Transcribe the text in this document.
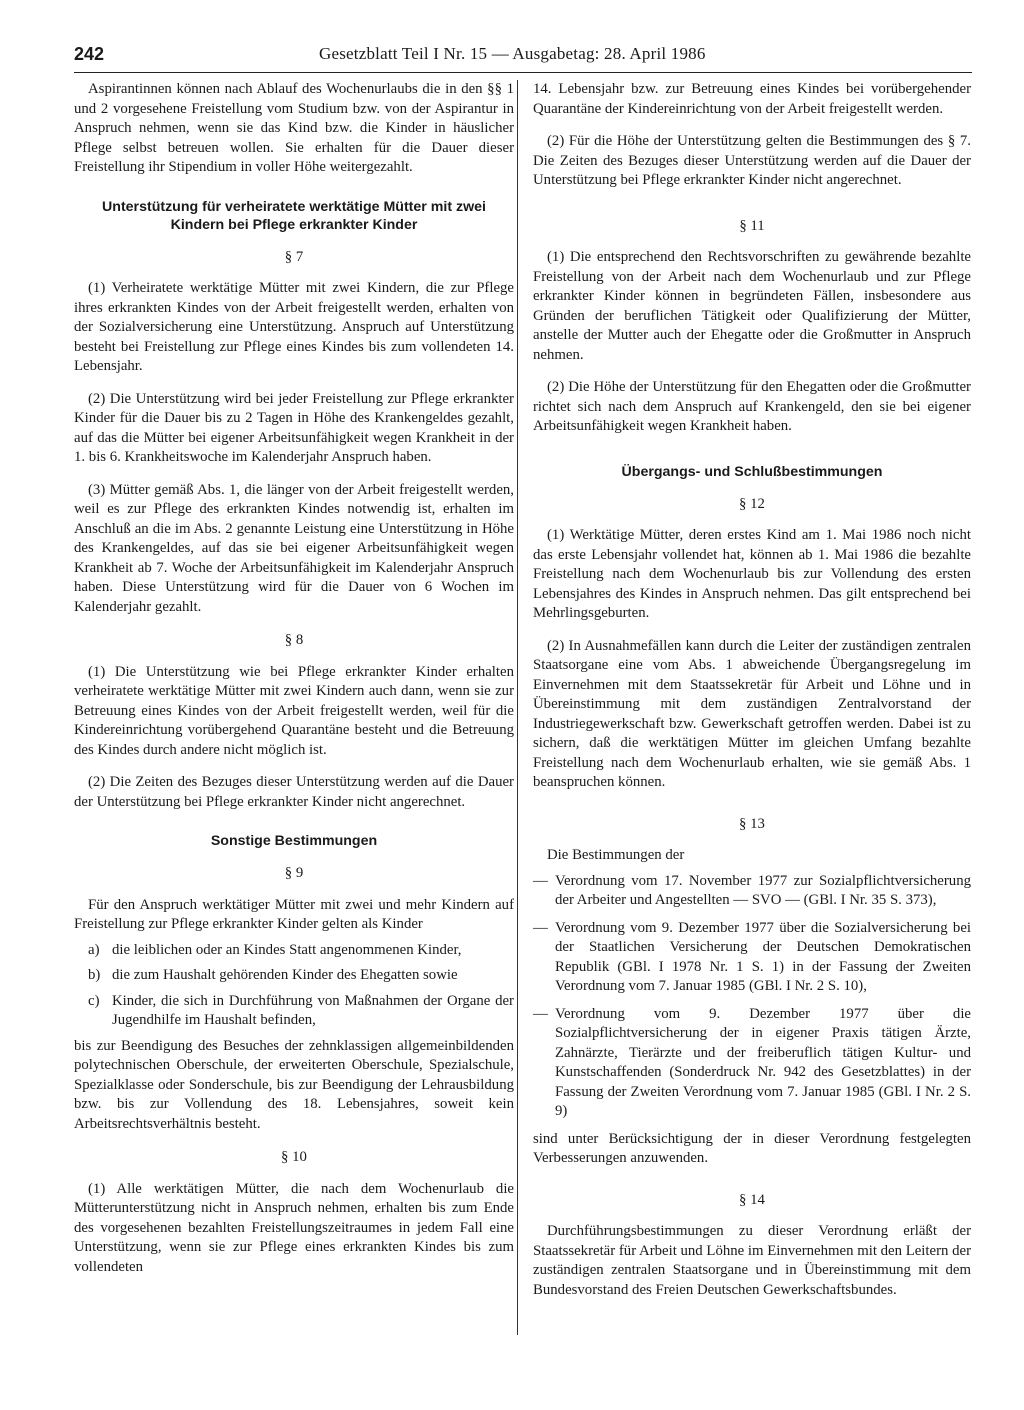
242	Gesetzblatt Teil I Nr. 15 — Ausgabetag: 28. April 1986

Aspirantinnen können nach Ablauf des Wochenurlaubs die in den §§ 1 und 2 vorgesehene Freistellung vom Studium bzw. von der Aspirantur in Anspruch nehmen, wenn sie das Kind bzw. die Kinder in häuslicher Pflege selbst betreuen wollen. Sie erhalten für die Dauer dieser Freistellung ihr Stipendium in voller Höhe weitergezahlt.

Unterstützung für verheiratete werktätige Mütter mit zwei Kindern bei Pflege erkrankter Kinder
§ 7

(1) Verheiratete werktätige Mütter mit zwei Kindern, die zur Pflege ihres erkrankten Kindes von der Arbeit freigestellt werden, erhalten von der Sozialversicherung eine Unterstützung. Anspruch auf Unterstützung besteht bei Freistellung zur Pflege eines Kindes bis zum vollendeten 14. Lebensjahr.

(2) Die Unterstützung wird bei jeder Freistellung zur Pflege erkrankter Kinder für die Dauer bis zu 2 Tagen in Höhe des Krankengeldes gezahlt, auf das die Mütter bei eigener Arbeitsunfähigkeit wegen Krankheit in der 1. bis 6. Krankheitswoche im Kalenderjahr Anspruch haben.

(3) Mütter gemäß Abs. 1, die länger von der Arbeit freigestellt werden, weil es zur Pflege des erkrankten Kindes notwendig ist, erhalten im Anschluß an die im Abs. 2 genannte Leistung eine Unterstützung in Höhe des Krankengeldes, auf das sie bei eigener Arbeitsunfähigkeit wegen Krankheit ab 7. Woche der Arbeitsunfähigkeit im Kalenderjahr Anspruch haben. Diese Unterstützung wird für die Dauer von 6 Wochen im Kalenderjahr gezahlt.

§ 8

(1) Die Unterstützung wie bei Pflege erkrankter Kinder erhalten verheiratete werktätige Mütter mit zwei Kindern auch dann, wenn sie zur Betreuung eines Kindes von der Arbeit freigestellt werden, weil für die Kindereinrichtung vorübergehend Quarantäne besteht und die Betreuung des Kindes durch andere nicht möglich ist.

(2) Die Zeiten des Bezuges dieser Unterstützung werden auf die Dauer der Unterstützung bei Pflege erkrankter Kinder nicht angerechnet.

Sonstige Bestimmungen
§ 9

Für den Anspruch werktätiger Mütter mit zwei und mehr Kindern auf Freistellung zur Pflege erkrankter Kinder gelten als Kinder

a) die leiblichen oder an Kindes Statt angenommenen Kinder,
b) die zum Haushalt gehörenden Kinder des Ehegatten sowie
c) Kinder, die sich in Durchführung von Maßnahmen der Organe der Jugendhilfe im Haushalt befinden,

bis zur Beendigung des Besuches der zehnklassigen allgemeinbildenden polytechnischen Oberschule, der erweiterten Oberschule, Spezialschule, Spezialklasse oder Sonderschule, bis zur Beendigung der Lehrausbildung bzw. bis zur Vollendung des 18. Lebensjahres, soweit kein Arbeitsrechtsverhältnis besteht.

§ 10

(1) Alle werktätigen Mütter, die nach dem Wochenurlaub die Mütterunterstützung nicht in Anspruch nehmen, erhalten bis zum Ende des vorgesehenen bezahlten Freistellungszeitraumes in jedem Fall eine Unterstützung, wenn sie zur Pflege eines erkrankten Kindes bis zum vollendeten

14. Lebensjahr bzw. zur Betreuung eines Kindes bei vorübergehender Quarantäne der Kindereinrichtung von der Arbeit freigestellt werden.

(2) Für die Höhe der Unterstützung gelten die Bestimmungen des § 7. Die Zeiten des Bezuges dieser Unterstützung werden auf die Dauer der Unterstützung bei Pflege erkrankter Kinder nicht angerechnet.

§ 11

(1) Die entsprechend den Rechtsvorschriften zu gewährende bezahlte Freistellung von der Arbeit nach dem Wochenurlaub und zur Pflege erkrankter Kinder können in begründeten Fällen, insbesondere aus Gründen der beruflichen Tätigkeit oder Qualifizierung der Mütter, anstelle der Mutter auch der Ehegatte oder die Großmutter in Anspruch nehmen.

(2) Die Höhe der Unterstützung für den Ehegatten oder die Großmutter richtet sich nach dem Anspruch auf Krankengeld, den sie bei eigener Arbeitsunfähigkeit wegen Krankheit haben.

Übergangs- und Schlußbestimmungen
§ 12

(1) Werktätige Mütter, deren erstes Kind am 1. Mai 1986 noch nicht das erste Lebensjahr vollendet hat, können ab 1. Mai 1986 die bezahlte Freistellung nach dem Wochenurlaub bis zur Vollendung des ersten Lebensjahres des Kindes in Anspruch nehmen. Das gilt entsprechend bei Mehrlingsgeburten.

(2) In Ausnahmefällen kann durch die Leiter der zuständigen zentralen Staatsorgane eine vom Abs. 1 abweichende Übergangsregelung im Einvernehmen mit dem Staatssekretär für Arbeit und Löhne und in Übereinstimmung mit dem zuständigen Zentralvorstand der Industriegewerkschaft bzw. Gewerkschaft getroffen werden. Dabei ist zu sichern, daß die werktätigen Mütter im gleichen Umfang bezahlte Freistellung nach dem Wochenurlaub erhalten, wie sie gemäß Abs. 1 beanspruchen können.

§ 13

Die Bestimmungen der

— Verordnung vom 17. November 1977 zur Sozialpflichtversicherung der Arbeiter und Angestellten — SVO — (GBl. I Nr. 35 S. 373),
— Verordnung vom 9. Dezember 1977 über die Sozialversicherung bei der Staatlichen Versicherung der Deutschen Demokratischen Republik (GBl. I 1978 Nr. 1 S. 1) in der Fassung der Zweiten Verordnung vom 7. Januar 1985 (GBl. I Nr. 2 S. 10),
— Verordnung vom 9. Dezember 1977 über die Sozialpflichtversicherung der in eigener Praxis tätigen Ärzte, Zahnärzte, Tierärzte und der freiberuflich tätigen Kultur- und Kunstschaffenden (Sonderdruck Nr. 942 des Gesetzblattes) in der Fassung der Zweiten Verordnung vom 7. Januar 1985 (GBl. I Nr. 2 S. 9)

sind unter Berücksichtigung der in dieser Verordnung festgelegten Verbesserungen anzuwenden.

§ 14

Durchführungsbestimmungen zu dieser Verordnung erläßt der Staatssekretär für Arbeit und Löhne im Einvernehmen mit den Leitern der zuständigen zentralen Staatsorgane und in Übereinstimmung mit dem Bundesvorstand des Freien Deutschen Gewerkschaftsbundes.
